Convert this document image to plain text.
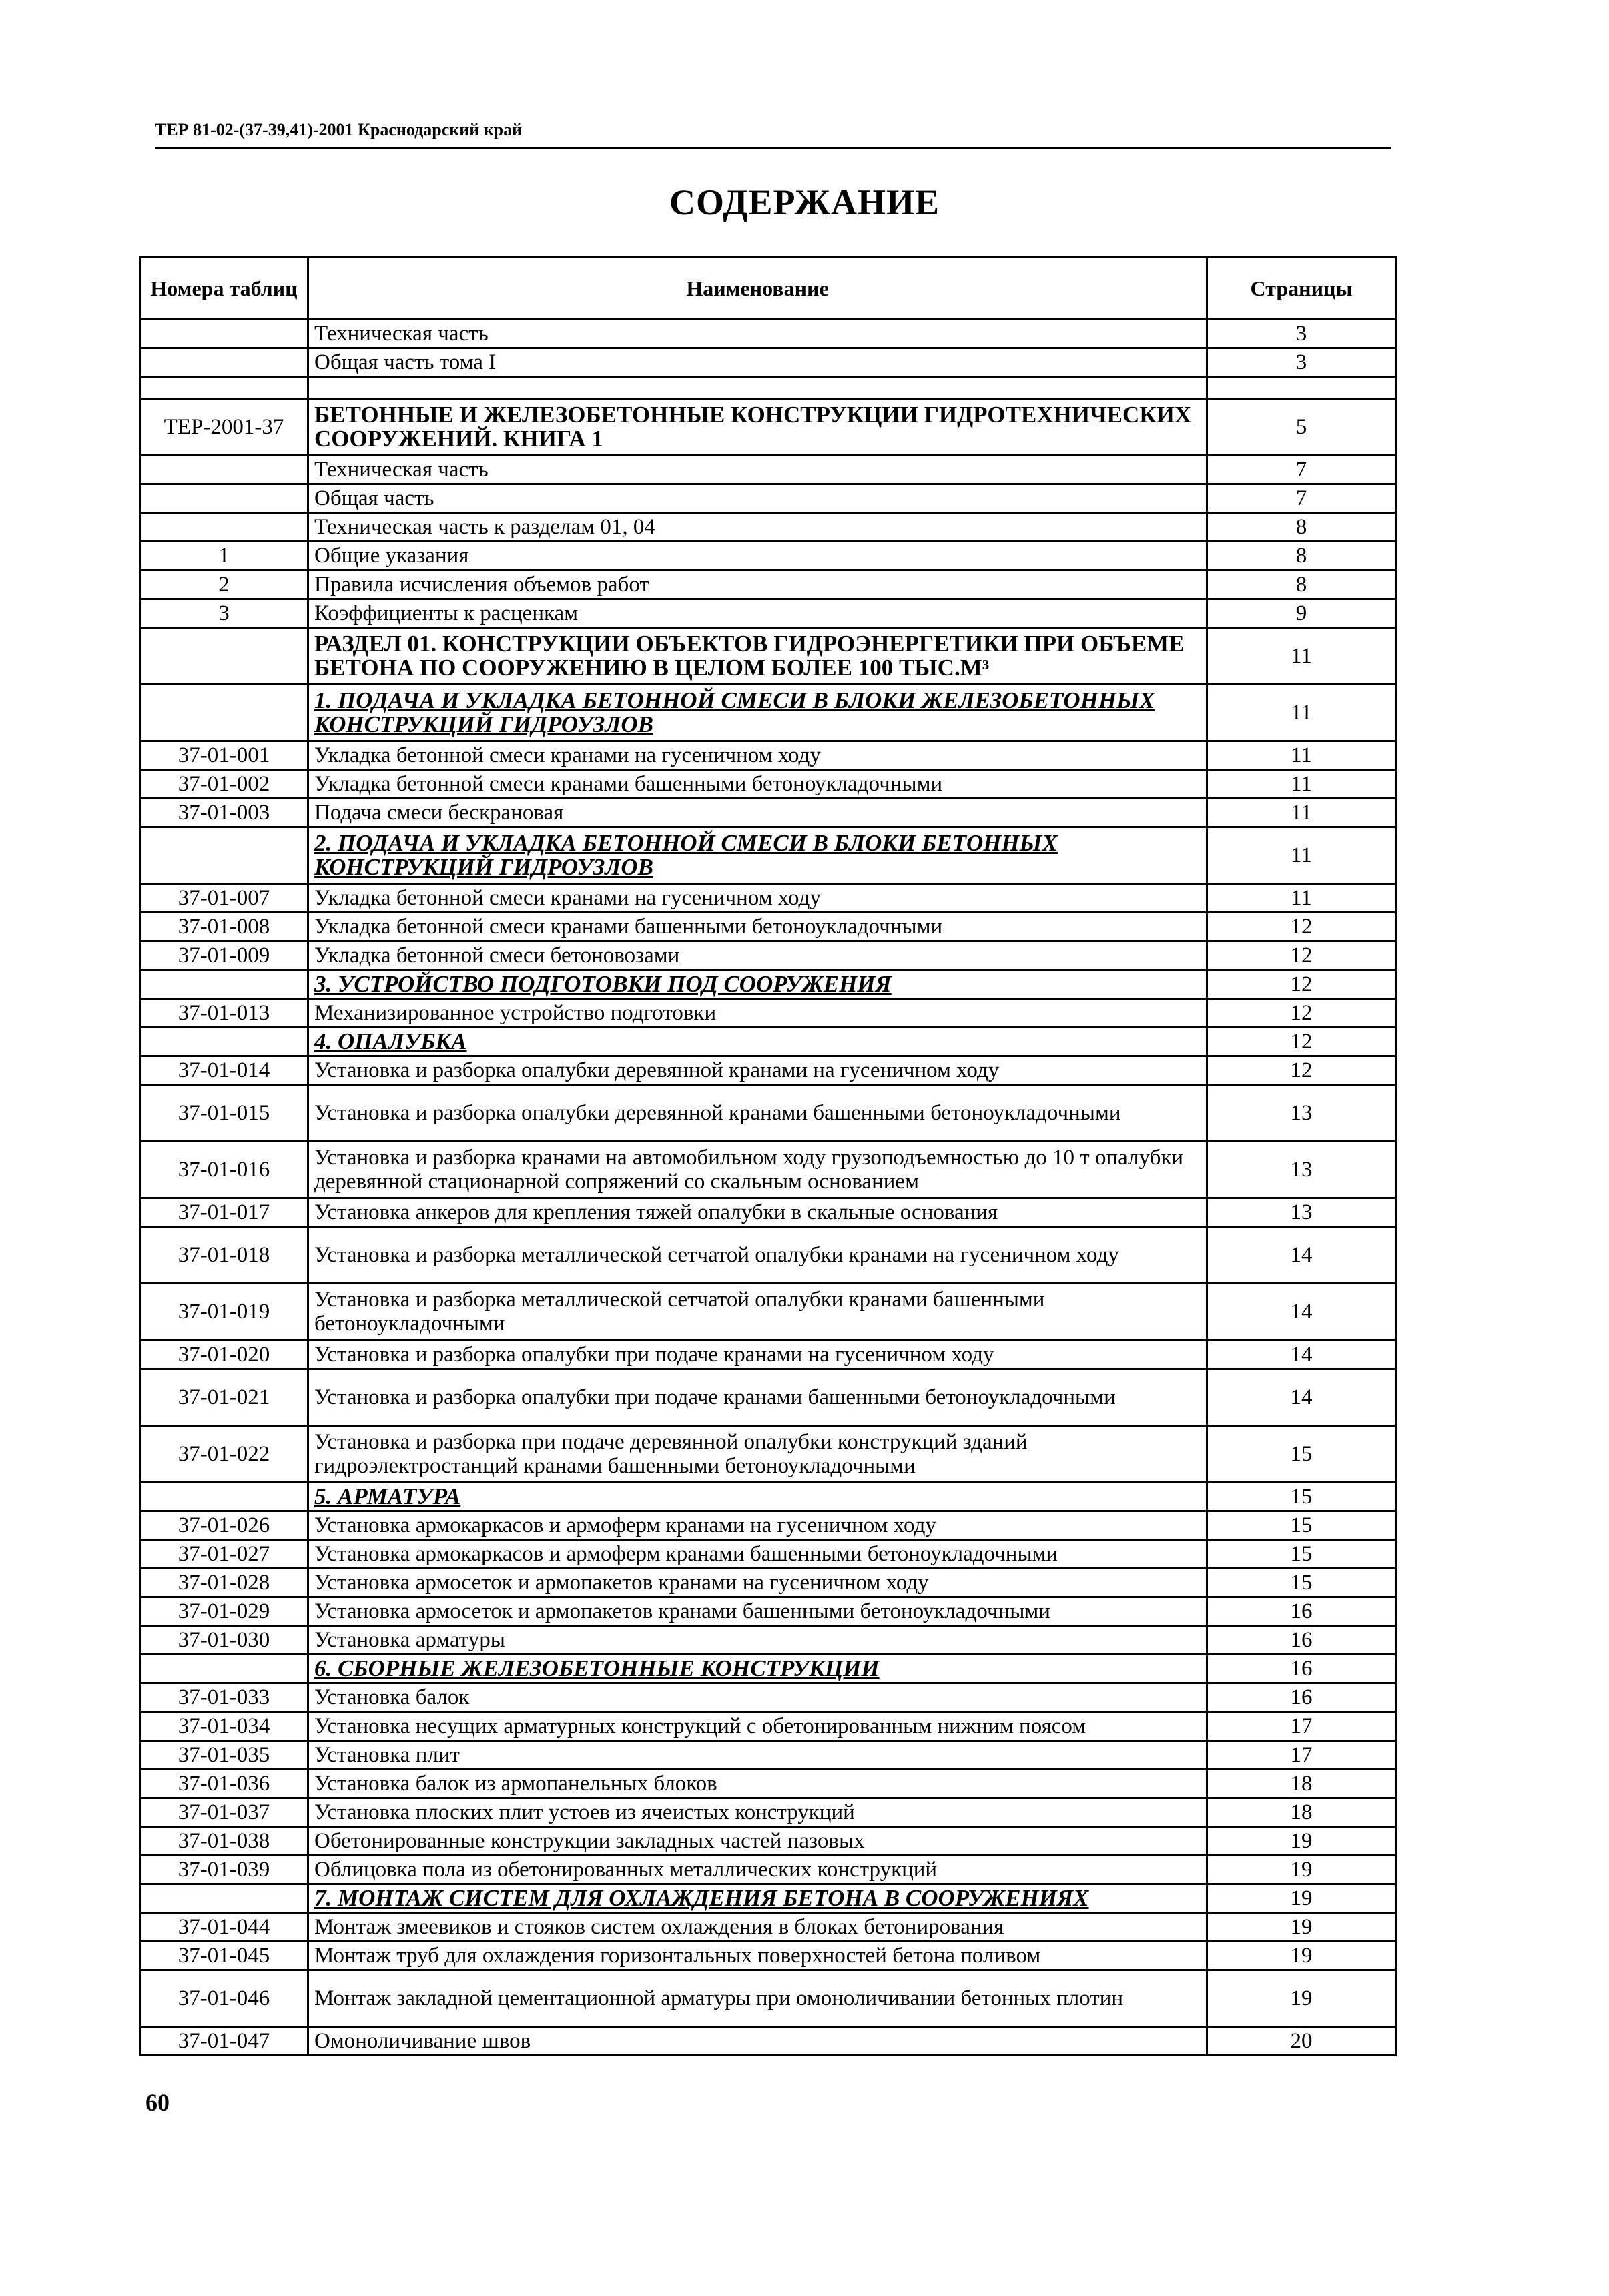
ТЕР 81-02-(37-39,41)-2001 Краснодарский край
СОДЕРЖАНИЕ
Номера таблиц	Наименование	Страницы
	Техническая часть	3
	Общая часть тома I	3

ТЕР-2001-37	БЕТОННЫЕ И ЖЕЛЕЗОБЕТОННЫЕ КОНСТРУКЦИИ ГИДРОТЕХНИЧЕСКИХ СООРУЖЕНИЙ. КНИГА 1	5
	Техническая часть	7
	Общая часть	7
	Техническая часть к разделам 01, 04	8
1	Общие указания	8
2	Правила исчисления объемов работ	8
3	Коэффициенты к расценкам	9
	РАЗДЕЛ 01. КОНСТРУКЦИИ ОБЪЕКТОВ ГИДРОЭНЕРГЕТИКИ ПРИ ОБЪЕМЕ БЕТОНА ПО СООРУЖЕНИЮ В ЦЕЛОМ БОЛЕЕ 100 ТЫС.М³	11
	1. ПОДАЧА И УКЛАДКА БЕТОННОЙ СМЕСИ В БЛОКИ ЖЕЛЕЗОБЕТОННЫХ КОНСТРУКЦИЙ ГИДРОУЗЛОВ	11
37-01-001	Укладка бетонной смеси кранами на гусеничном ходу	11
37-01-002	Укладка бетонной смеси кранами башенными бетоноукладочными	11
37-01-003	Подача смеси бескрановая	11
	2. ПОДАЧА И УКЛАДКА БЕТОННОЙ СМЕСИ В БЛОКИ БЕТОННЫХ КОНСТРУКЦИЙ ГИДРОУЗЛОВ	11
37-01-007	Укладка бетонной смеси кранами на гусеничном ходу	11
37-01-008	Укладка бетонной смеси кранами башенными бетоноукладочными	12
37-01-009	Укладка бетонной смеси бетоновозами	12
	3. УСТРОЙСТВО ПОДГОТОВКИ ПОД СООРУЖЕНИЯ	12
37-01-013	Механизированное устройство подготовки	12
	4. ОПАЛУБКА	12
37-01-014	Установка и разборка опалубки деревянной кранами на гусеничном ходу	12
37-01-015	Установка и разборка опалубки деревянной кранами башенными бетоноукладочными	13
37-01-016	Установка и разборка кранами на автомобильном ходу грузоподъемностью до 10 т опалубки деревянной стационарной сопряжений со скальным основанием	13
37-01-017	Установка анкеров для крепления тяжей опалубки в скальные основания	13
37-01-018	Установка и разборка металлической сетчатой опалубки кранами на гусеничном ходу	14
37-01-019	Установка и разборка металлической сетчатой опалубки кранами башенными бетоноукладочными	14
37-01-020	Установка и разборка опалубки при подаче кранами на гусеничном ходу	14
37-01-021	Установка и разборка опалубки при подаче кранами башенными бетоноукладочными	14
37-01-022	Установка и разборка при подаче деревянной опалубки конструкций зданий гидроэлектростанций кранами башенными бетоноукладочными	15
	5. АРМАТУРА	15
37-01-026	Установка армокаркасов и армоферм кранами на гусеничном ходу	15
37-01-027	Установка армокаркасов и армоферм кранами башенными бетоноукладочными	15
37-01-028	Установка армосеток и армопакетов кранами на гусеничном ходу	15
37-01-029	Установка армосеток и армопакетов кранами башенными бетоноукладочными	16
37-01-030	Установка арматуры	16
	6. СБОРНЫЕ ЖЕЛЕЗОБЕТОННЫЕ КОНСТРУКЦИИ	16
37-01-033	Установка балок	16
37-01-034	Установка несущих арматурных конструкций с обетонированным нижним поясом	17
37-01-035	Установка плит	17
37-01-036	Установка балок из армопанельных блоков	18
37-01-037	Установка плоских плит устоев из ячеистых конструкций	18
37-01-038	Обетонированные конструкции закладных частей пазовых	19
37-01-039	Облицовка пола из обетонированных металлических конструкций	19
	7. МОНТАЖ СИСТЕМ ДЛЯ ОХЛАЖДЕНИЯ БЕТОНА В СООРУЖЕНИЯХ	19
37-01-044	Монтаж змеевиков и стояков систем охлаждения в блоках бетонирования	19
37-01-045	Монтаж труб для охлаждения горизонтальных поверхностей бетона поливом	19
37-01-046	Монтаж закладной цементационной арматуры при омоноличивании бетонных плотин	19
37-01-047	Омоноличивание швов	20
60
